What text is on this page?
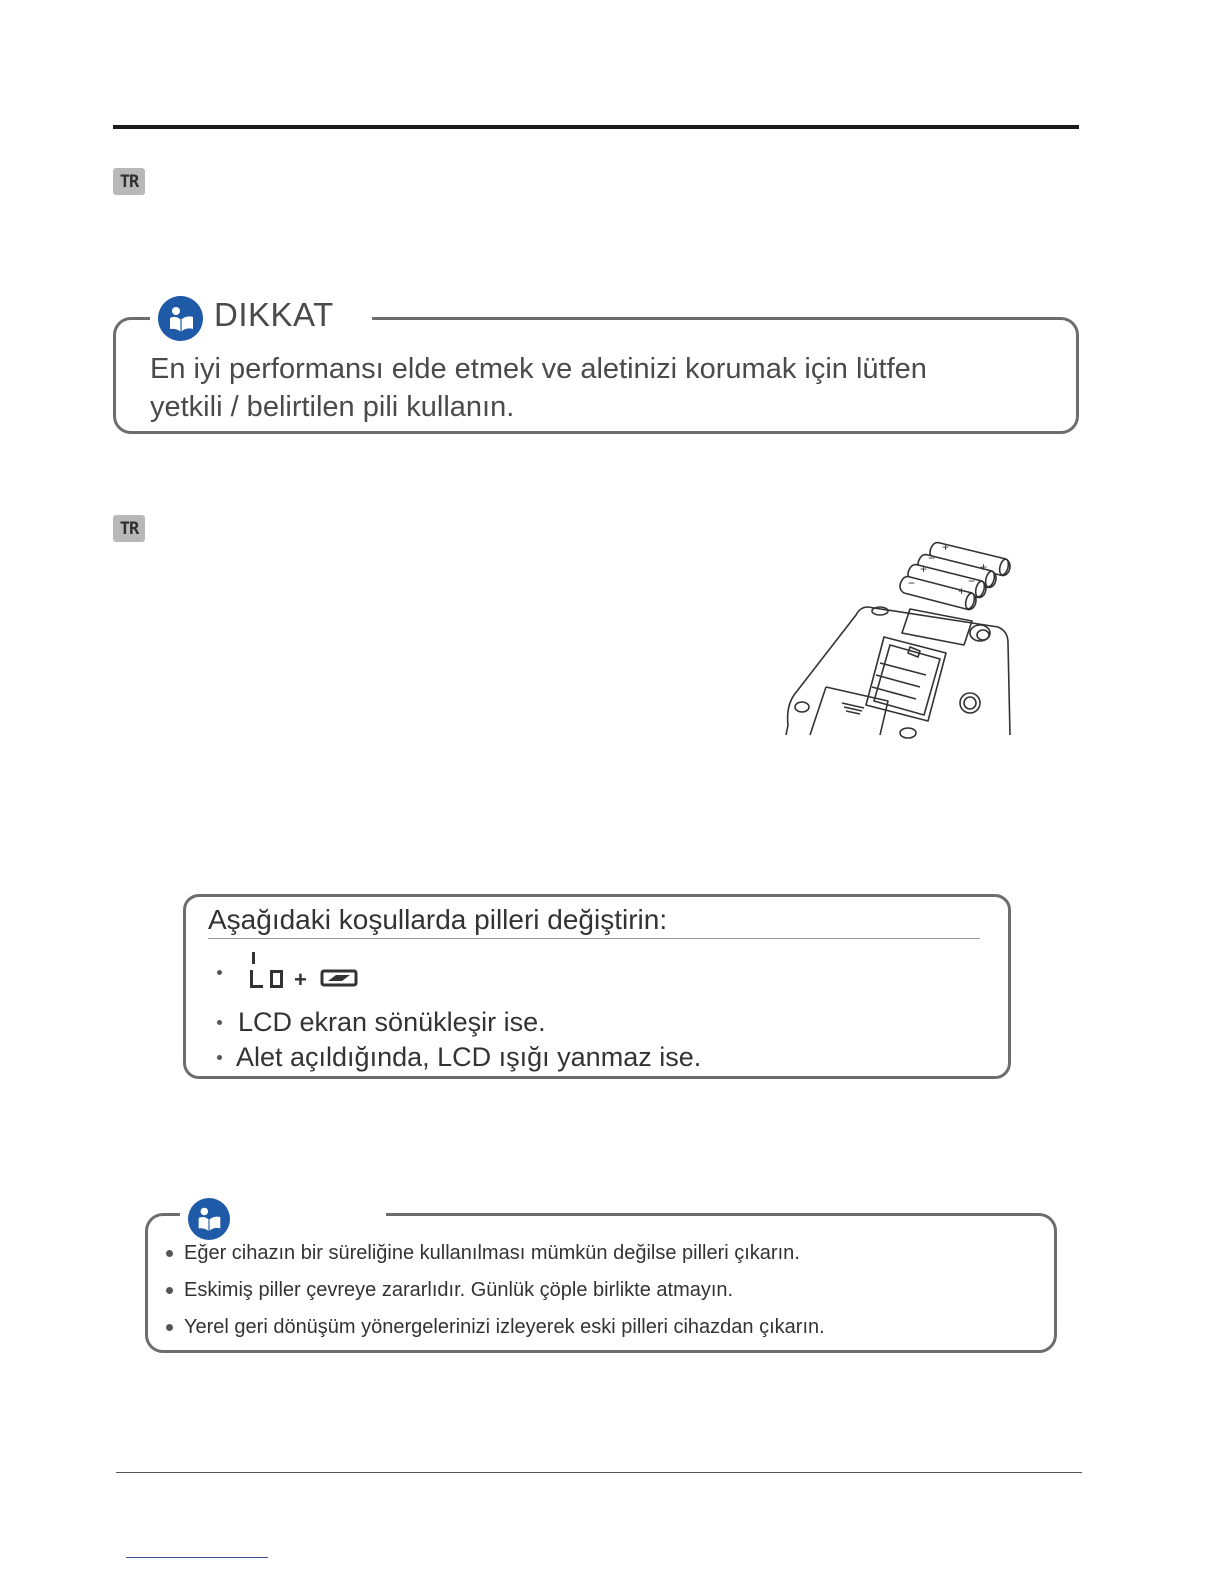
TR
DIKKAT
En iyi performansı elde etmek ve aletinizi korumak için lütfen
yetkili / belirtilen pili kullanın.
TR
+
−
+
+
−
−
+
Aşağıdaki koşullarda pilleri değiştirin:
+
LCD ekran sönükleşir ise.
Alet açıldığında, LCD ışığı yanmaz ise.
Eğer cihazın bir süreliğine kullanılması mümkün değilse pilleri çıkarın.
Eskimiş piller çevreye zararlıdır. Günlük çöple birlikte atmayın.
Yerel geri dönüşüm yönergelerinizi izleyerek eski pilleri cihazdan çıkarın.
